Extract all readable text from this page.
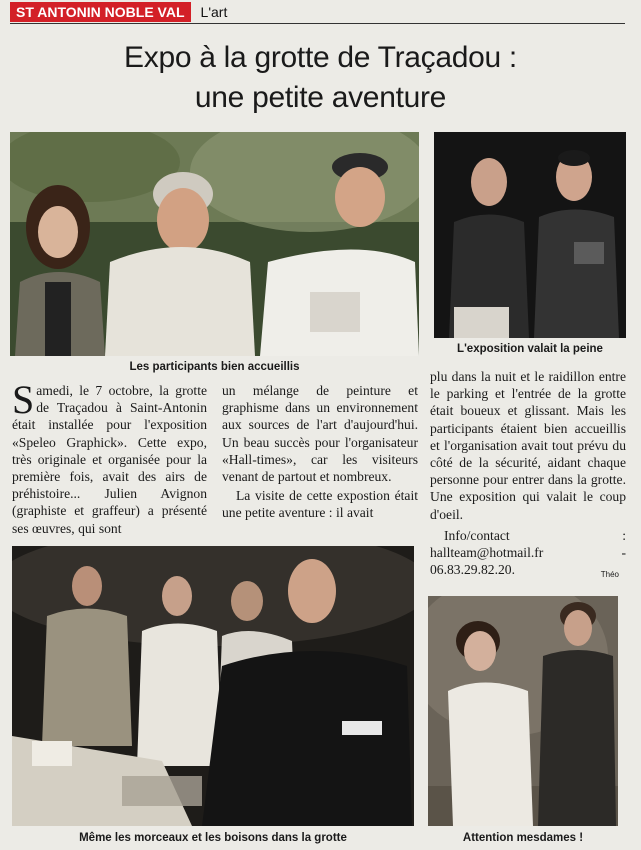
ST ANTONIN NOBLE VAL	L'art
Expo à la grotte de Traçadou :
une petite aventure
Les participants bien accueillis
L'exposition valait la peine

Samedi, le 7 octobre, la grotte de Traçadou à Saint-Antonin était installée pour l'exposition «Speleo Graphick». Cette expo, très originale et organisée pour la première fois, avait des airs de préhistoire... Julien Avignon (graphiste et graffeur) a présenté ses œuvres, qui sont

un mélange de peinture et graphisme dans un environnement aux sources de l'art d'aujourd'hui. Un beau succès pour l'organisateur «Hall-times», car les visiteurs venant de partout et nombreux.

La visite de cette expostion était une petite aventure : il avait

plu dans la nuit et le raidillon entre le parking et l'entrée de la grotte était boueux et glissant. Mais les participants étaient bien accueillis et l'organisation avait tout prévu du côté de la sécurité, aidant chaque personne pour entrer dans la grotte. Une exposition qui valait le coup d'oeil.

Info/contact : hallteam@hotmail.fr - 06.83.29.82.20.	Théo
Même les morceaux et les boisons dans la grotte	Attention mesdames !
